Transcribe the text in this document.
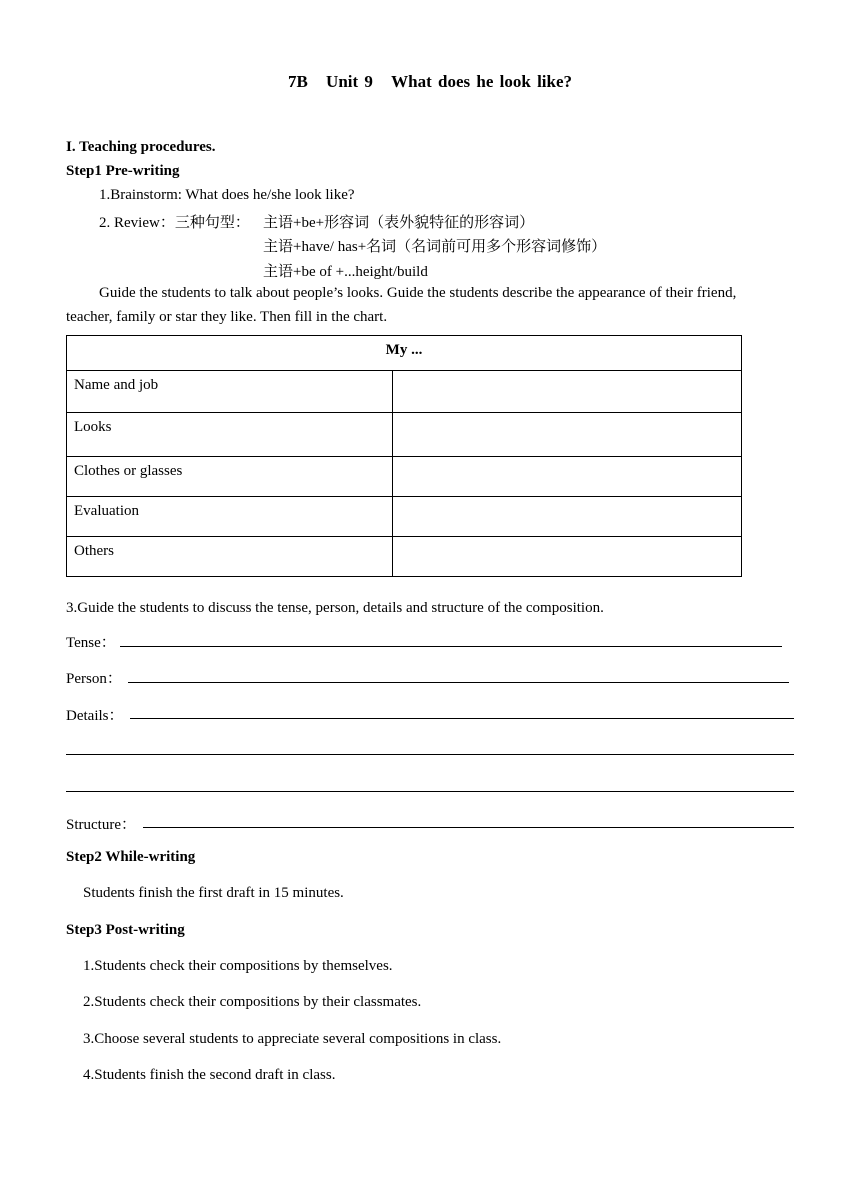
7B Unit 9 What does he look like?
I. Teaching procedures.
Step1 Pre-writing
1.Brainstorm: What does he/she look like?
2. Review：三种句型： 主语+be+形容词（表外貌特征的形容词）
主语+have/ has+名词（名词前可用多个形容词修饰）
主语+be of +...height/build
Guide the students to talk about people’s looks. Guide the students describe the appearance of their friend,
teacher, family or star they like. Then fill in the chart.
My ...	
Name and job	
Looks	
Clothes or glasses	
Evaluation	
Others	
3.Guide the students to discuss the tense, person, details and structure of the composition.
Tense：
Person：
Details：
Structure：
Step2 While-writing
Students finish the first draft in 15 minutes.
Step3 Post-writing
1.Students check their compositions by themselves.
2.Students check their compositions by their classmates.
3.Choose several students to appreciate several compositions in class.
4.Students finish the second draft in class.
